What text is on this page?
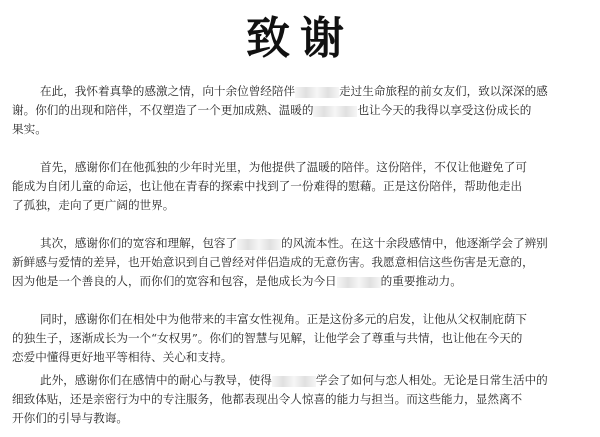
致谢
在此，我怀着真挚的感激之情，向十余位曾经陪伴	走过生命旅程的前女友们，致以深深的感
谢。你们的出现和陪伴，不仅塑造了一个更加成熟、温暖的	也让今天的我得以享受这份成长的
果实。
首先，感谢你们在他孤独的少年时光里，为他提供了温暖的陪伴。这份陪伴，不仅让他避免了可
能成为自闭儿童的命运，也让他在青春的探索中找到了一份难得的慰藉。正是这份陪伴，帮助他走出
了孤独，走向了更广阔的世界。
其次，感谢你们的宽容和理解，包容了	的风流本性。在这十余段感情中，他逐渐学会了辨别
新鲜感与爱情的差异，也开始意识到自己曾经对伴侣造成的无意伤害。我愿意相信这些伤害是无意的，
因为他是一个善良的人，而你们的宽容和包容，是他成长为今日	的重要推动力。
同时，感谢你们在相处中为他带来的丰富女性视角。正是这份多元的启发，让他从父权制庇荫下
的独生子，逐渐成长为一个“女权男”。你们的智慧与见解，让他学会了尊重与共情，也让他在今天的
恋爱中懂得更好地平等相待、关心和支持。
此外，感谢你们在感情中的耐心与教导，使得	学会了如何与恋人相处。无论是日常生活中的
细致体贴，还是亲密行为中的专注服务，他都表现出令人惊喜的能力与担当。而这些能力，显然离不
开你们的引导与教诲。
